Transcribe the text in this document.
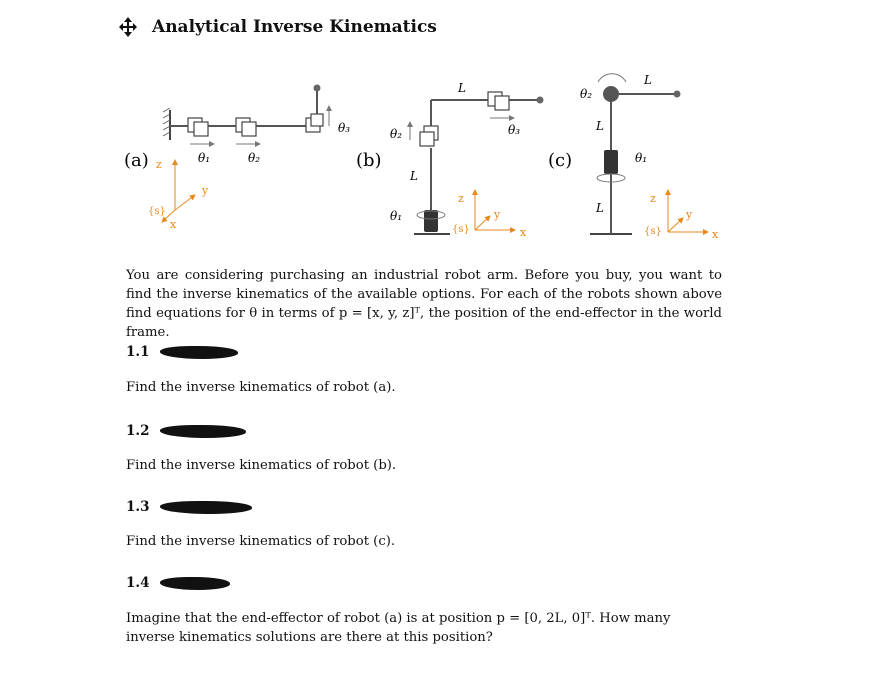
Analytical Inverse Kinematics
(a)	θ₁	θ₂
θ₃
z
y
x
{s}
(b)
θ₁
θ₂	θ₃
L
L
z
y
x
{s}
(c)
θ₂
θ₁
L
L
L
z
y
x
{s}
You are considering purchasing an industrial robot arm. Before you buy, you want to find the inverse kinematics of the available options. For each of the robots shown above find equations for θ in terms of p = [x, y, z]ᵀ, the position of the end-effector in the world frame.
1.1
Find the inverse kinematics of robot (a).
1.2
Find the inverse kinematics of robot (b).
1.3
Find the inverse kinematics of robot (c).
1.4
Imagine that the end-effector of robot (a) is at position p = [0, 2L, 0]ᵀ. How many inverse kinematics solutions are there at this position?
